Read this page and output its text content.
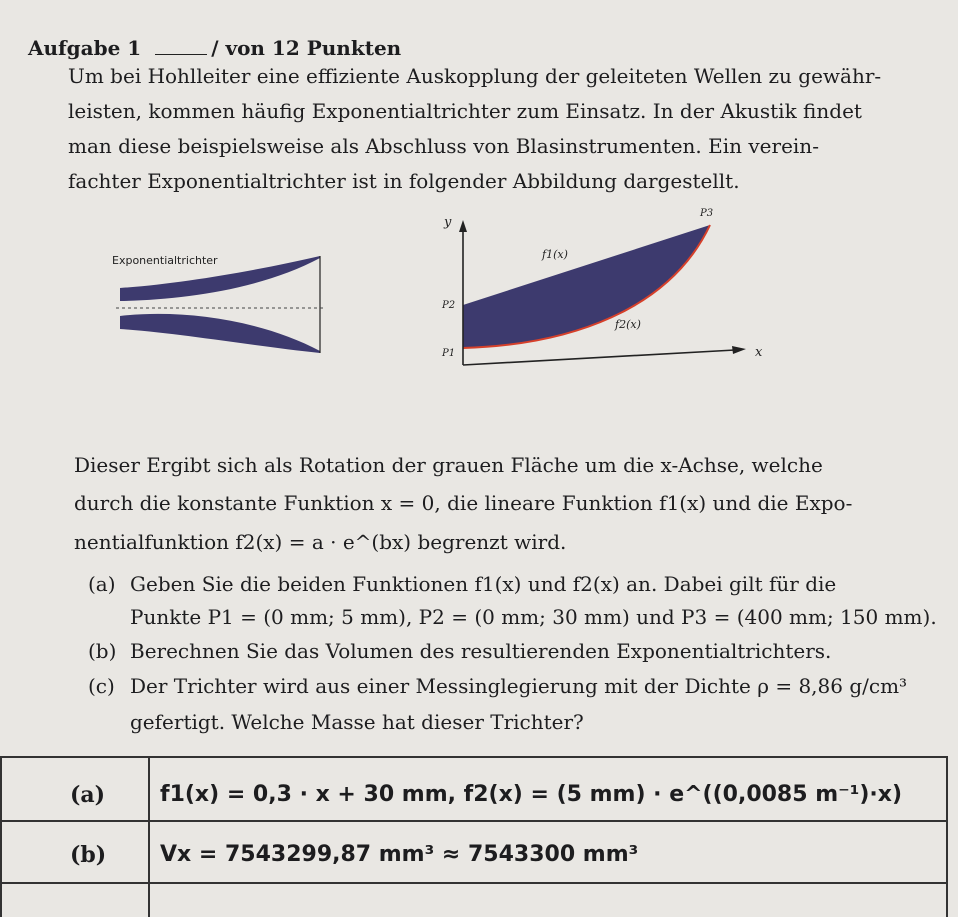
Aufgabe 1	/ von 12 Punkten
Um bei Hohlleiter eine effiziente Auskopplung der geleiteten Wellen zu gewähr-
leisten, kommen häufig Exponentialtrichter zum Einsatz. In der Akustik findet
man diese beispielsweise als Abschluss von Blasinstrumenten. Ein verein-
fachter Exponentialtrichter ist in folgender Abbildung dargestellt.
Exponentialtrichter
y
x
P3
P2
P1
f1(x)
f2(x)
Dieser Ergibt sich als Rotation der grauen Fläche um die x-Achse, welche
durch die konstante Funktion x = 0, die lineare Funktion f1(x) und die Expo-
nentialfunktion f2(x) = a · e^(bx) begrenzt wird.
(a) Geben Sie die beiden Funktionen f1(x) und f2(x) an. Dabei gilt für die
Punkte P1 = (0 mm; 5 mm), P2 = (0 mm; 30 mm) und P3 = (400 mm; 150 mm).
(b) Berechnen Sie das Volumen des resultierenden Exponentialtrichters.
(c) Der Trichter wird aus einer Messinglegierung mit der Dichte ρ = 8,86 g/cm³
gefertigt. Welche Masse hat dieser Trichter?
(a) f1(x) = 0,3 · x + 30 mm, f2(x) = (5 mm) · e^((0,0085 m⁻¹)·x)
(b) Vx = 7543299,87 mm³ ≈ 7543300 mm³
